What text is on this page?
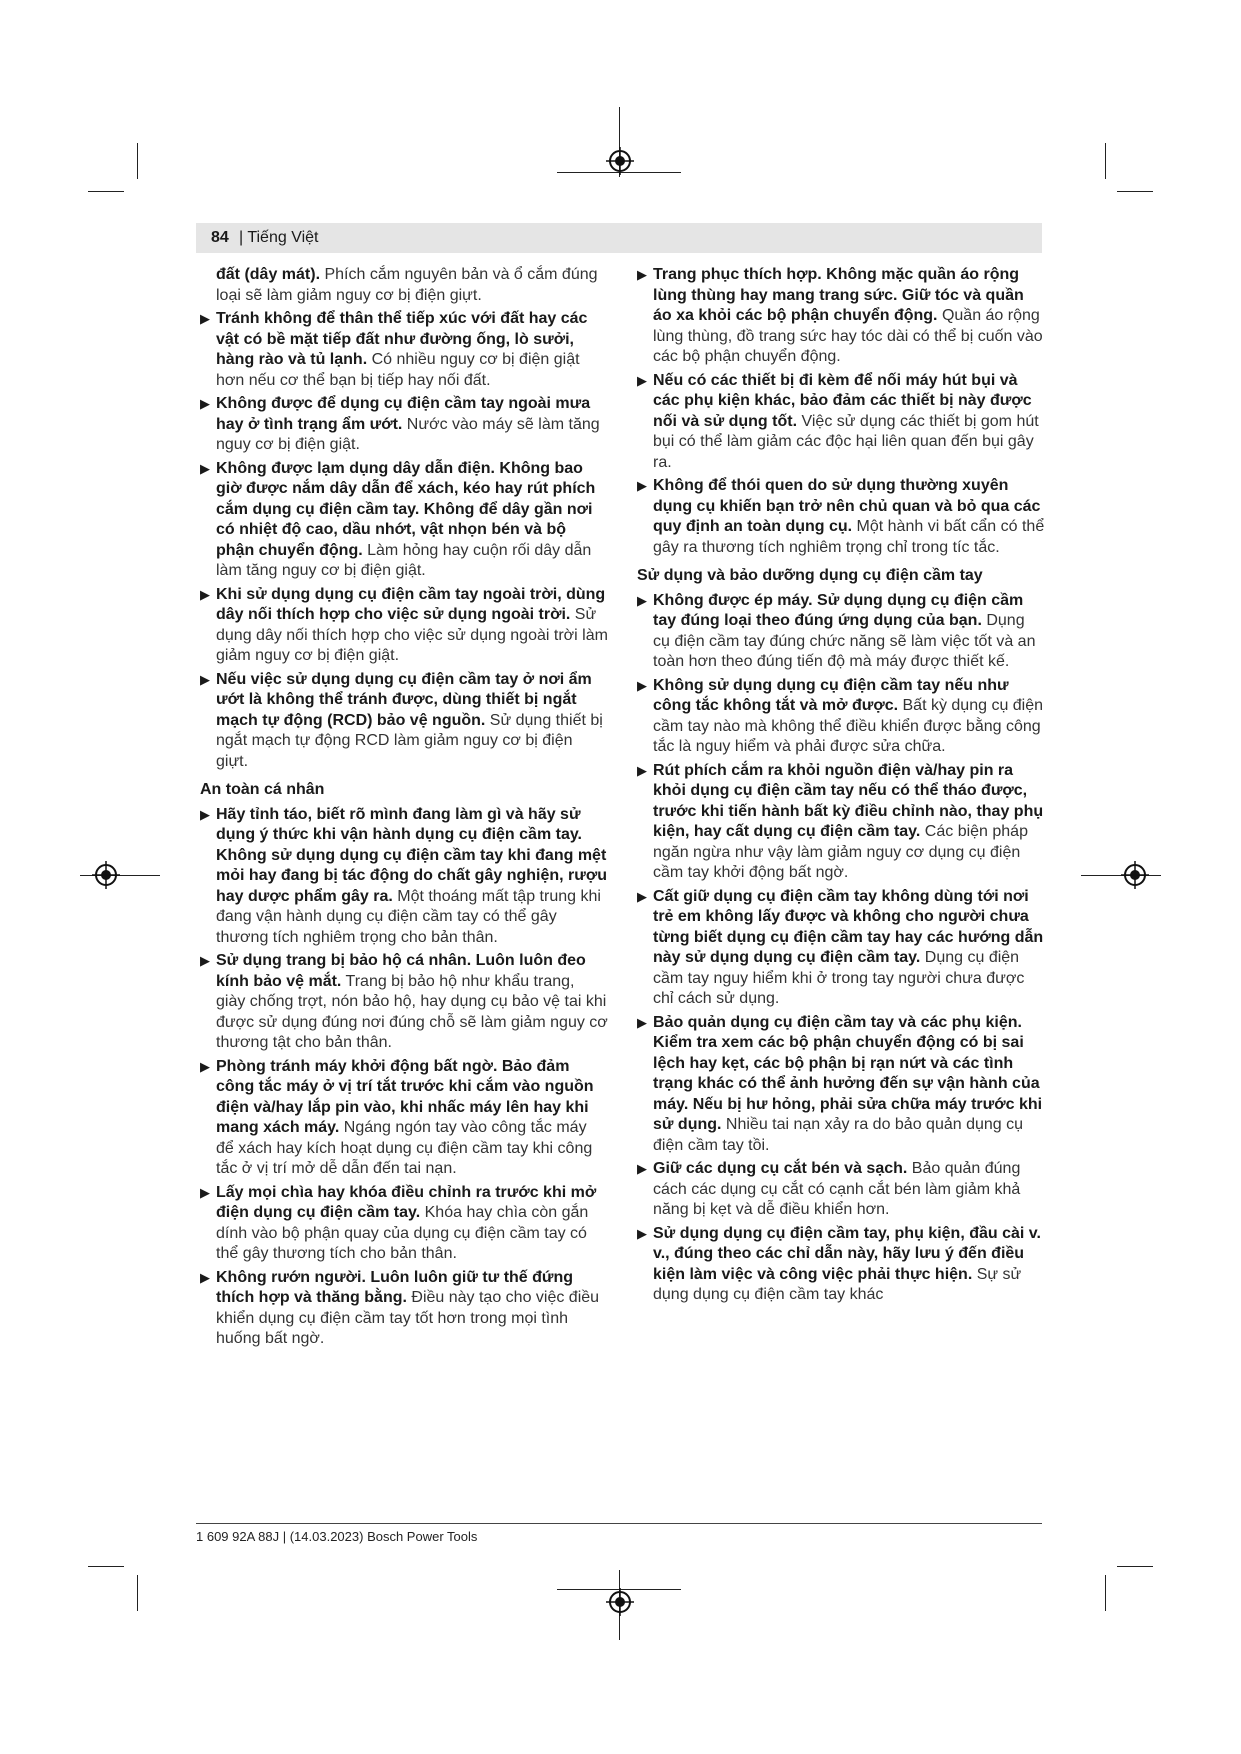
84 | Tiếng Việt

đất (dây mát). Phích cắm nguyên bản và ổ cắm đúng loại sẽ làm giảm nguy cơ bị điện giựt.

▶ Tránh không để thân thể tiếp xúc với đất hay các vật có bề mặt tiếp đất như đường ống, lò sưởi, hàng rào và tủ lạnh. Có nhiều nguy cơ bị điện giật hơn nếu cơ thể bạn bị tiếp hay nối đất.
▶ Không được để dụng cụ điện cầm tay ngoài mưa hay ở tình trạng ẩm ướt. Nước vào máy sẽ làm tăng nguy cơ bị điện giật.
▶ Không được lạm dụng dây dẫn điện. Không bao giờ được nắm dây dẫn để xách, kéo hay rút phích cắm dụng cụ điện cầm tay. Không để dây gần nơi có nhiệt độ cao, dầu nhớt, vật nhọn bén và bộ phận chuyển động. Làm hỏng hay cuộn rối dây dẫn làm tăng nguy cơ bị điện giật.
▶ Khi sử dụng dụng cụ điện cầm tay ngoài trời, dùng dây nối thích hợp cho việc sử dụng ngoài trời. Sử dụng dây nối thích hợp cho việc sử dụng ngoài trời làm giảm nguy cơ bị điện giật.
▶ Nếu việc sử dụng dụng cụ điện cầm tay ở nơi ẩm ướt là không thể tránh được, dùng thiết bị ngắt mạch tự động (RCD) bảo vệ nguồn. Sử dụng thiết bị ngắt mạch tự động RCD làm giảm nguy cơ bị điện giựt.
An toàn cá nhân
▶ Hãy tỉnh táo, biết rõ mình đang làm gì và hãy sử dụng ý thức khi vận hành dụng cụ điện cầm tay. Không sử dụng dụng cụ điện cầm tay khi đang mệt mỏi hay đang bị tác động do chất gây nghiện, rượu hay dược phẩm gây ra. Một thoáng mất tập trung khi đang vận hành dụng cụ điện cầm tay có thể gây thương tích nghiêm trọng cho bản thân.
▶ Sử dụng trang bị bảo hộ cá nhân. Luôn luôn đeo kính bảo vệ mắt. Trang bị bảo hộ như khẩu trang, giày chống trợt, nón bảo hộ, hay dụng cụ bảo vệ tai khi được sử dụng đúng nơi đúng chỗ sẽ làm giảm nguy cơ thương tật cho bản thân.
▶ Phòng tránh máy khởi động bất ngờ. Bảo đảm công tắc máy ở vị trí tắt trước khi cắm vào nguồn điện và/hay lắp pin vào, khi nhấc máy lên hay khi mang xách máy. Ngáng ngón tay vào công tắc máy để xách hay kích hoạt dụng cụ điện cầm tay khi công tắc ở vị trí mở dễ dẫn đến tai nạn.
▶ Lấy mọi chìa hay khóa điều chỉnh ra trước khi mở điện dụng cụ điện cầm tay. Khóa hay chìa còn gắn dính vào bộ phận quay của dụng cụ điện cầm tay có thể gây thương tích cho bản thân.
▶ Không rướn người. Luôn luôn giữ tư thế đứng thích hợp và thăng bằng. Điều này tạo cho việc điều khiển dụng cụ điện cầm tay tốt hơn trong mọi tình huống bất ngờ.
▶ Trang phục thích hợp. Không mặc quần áo rộng lùng thùng hay mang trang sức. Giữ tóc và quần áo xa khỏi các bộ phận chuyển động. Quần áo rộng lùng thùng, đồ trang sức hay tóc dài có thể bị cuốn vào các bộ phận chuyển động.
▶ Nếu có các thiết bị đi kèm để nối máy hút bụi và các phụ kiện khác, bảo đảm các thiết bị này được nối và sử dụng tốt. Việc sử dụng các thiết bị gom hút bụi có thể làm giảm các độc hại liên quan đến bụi gây ra.
▶ Không để thói quen do sử dụng thường xuyên dụng cụ khiến bạn trở nên chủ quan và bỏ qua các quy định an toàn dụng cụ. Một hành vi bất cẩn có thể gây ra thương tích nghiêm trọng chỉ trong tíc tắc.
Sử dụng và bảo dưỡng dụng cụ điện cầm tay
▶ Không được ép máy. Sử dụng dụng cụ điện cầm tay đúng loại theo đúng ứng dụng của bạn. Dụng cụ điện cầm tay đúng chức năng sẽ làm việc tốt và an toàn hơn theo đúng tiến độ mà máy được thiết kế.
▶ Không sử dụng dụng cụ điện cầm tay nếu như công tắc không tắt và mở được. Bất kỳ dụng cụ điện cầm tay nào mà không thể điều khiển được bằng công tắc là nguy hiểm và phải được sửa chữa.
▶ Rút phích cắm ra khỏi nguồn điện và/hay pin ra khỏi dụng cụ điện cầm tay nếu có thể tháo được, trước khi tiến hành bất kỳ điều chỉnh nào, thay phụ kiện, hay cất dụng cụ điện cầm tay. Các biện pháp ngăn ngừa như vậy làm giảm nguy cơ dụng cụ điện cầm tay khởi động bất ngờ.
▶ Cất giữ dụng cụ điện cầm tay không dùng tới nơi trẻ em không lấy được và không cho người chưa từng biết dụng cụ điện cầm tay hay các hướng dẫn này sử dụng dụng cụ điện cầm tay. Dụng cụ điện cầm tay nguy hiểm khi ở trong tay người chưa được chỉ cách sử dụng.
▶ Bảo quản dụng cụ điện cầm tay và các phụ kiện. Kiểm tra xem các bộ phận chuyển động có bị sai lệch hay kẹt, các bộ phận bị rạn nứt và các tình trạng khác có thể ảnh hưởng đến sự vận hành của máy. Nếu bị hư hỏng, phải sửa chữa máy trước khi sử dụng. Nhiều tai nạn xảy ra do bảo quản dụng cụ điện cầm tay tồi.
▶ Giữ các dụng cụ cắt bén và sạch. Bảo quản đúng cách các dụng cụ cắt có cạnh cắt bén làm giảm khả năng bị kẹt và dễ điều khiển hơn.
▶ Sử dụng dụng cụ điện cầm tay, phụ kiện, đầu cài v. v., đúng theo các chỉ dẫn này, hãy lưu ý đến điều kiện làm việc và công việc phải thực hiện. Sự sử dụng dụng cụ điện cầm tay khác
1 609 92A 88J | (14.03.2023) Bosch Power Tools
